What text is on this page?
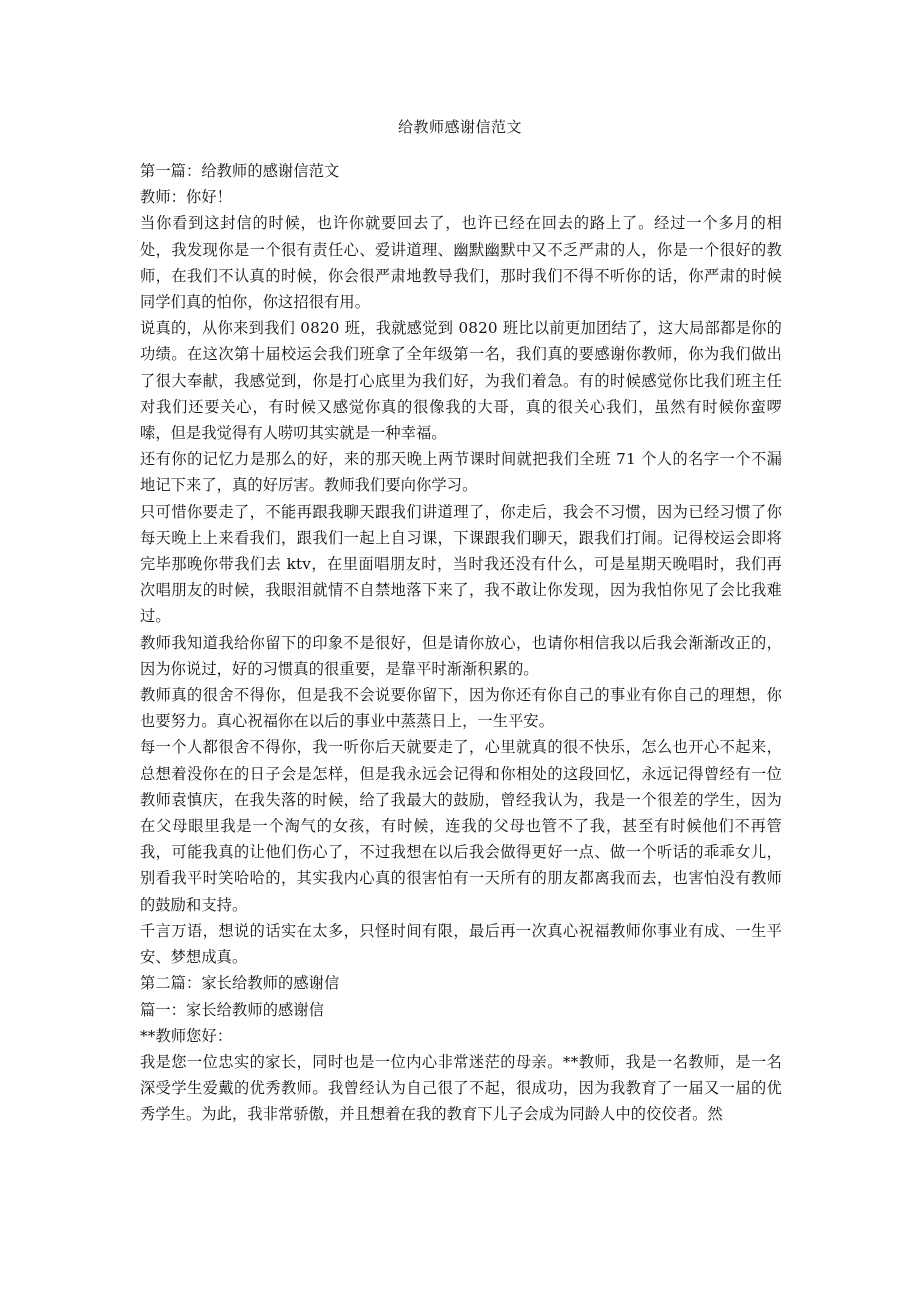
给教师感谢信范文

第一篇：给教师的感谢信范文

教师：你好！

当你看到这封信的时候，也许你就要回去了，也许已经在回去的路上了。经过一个多月的相处，我发现你是一个很有责任心、爱讲道理、幽默幽默中又不乏严肃的人，你是一个很好的教师，在我们不认真的时候，你会很严肃地教导我们，那时我们不得不听你的话，你严肃的时候同学们真的怕你，你这招很有用。

说真的，从你来到我们 0820 班，我就感觉到 0820 班比以前更加团结了，这大局部都是你的功绩。在这次第十届校运会我们班拿了全年级第一名，我们真的要感谢你教师，你为我们做出了很大奉献，我感觉到，你是打心底里为我们好，为我们着急。有的时候感觉你比我们班主任对我们还要关心，有时候又感觉你真的很像我的大哥，真的很关心我们，虽然有时候你蛮啰嗦，但是我觉得有人唠叨其实就是一种幸福。

还有你的记忆力是那么的好，来的那天晚上两节课时间就把我们全班 71 个人的名字一个不漏地记下来了，真的好厉害。教师我们要向你学习。

只可惜你要走了，不能再跟我聊天跟我们讲道理了，你走后，我会不习惯，因为已经习惯了你每天晚上上来看我们，跟我们一起上自习课，下课跟我们聊天，跟我们打闹。记得校运会即将完毕那晚你带我们去 ktv，在里面唱朋友时，当时我还没有什么，可是星期天晚唱时，我们再次唱朋友的时候，我眼泪就情不自禁地落下来了，我不敢让你发现，因为我怕你见了会比我难过。

教师我知道我给你留下的印象不是很好，但是请你放心，也请你相信我以后我会渐渐改正的，因为你说过，好的习惯真的很重要，是靠平时渐渐积累的。

教师真的很舍不得你，但是我不会说要你留下，因为你还有你自己的事业有你自己的理想，你也要努力。真心祝福你在以后的事业中蒸蒸日上，一生平安。

每一个人都很舍不得你，我一听你后天就要走了，心里就真的很不快乐，怎么也开心不起来，总想着没你在的日子会是怎样，但是我永远会记得和你相处的这段回忆，永远记得曾经有一位教师袁慎庆，在我失落的时候，给了我最大的鼓励，曾经我认为，我是一个很差的学生，因为在父母眼里我是一个淘气的女孩，有时候，连我的父母也管不了我，甚至有时候他们不再管我，可能我真的让他们伤心了，不过我想在以后我会做得更好一点、做一个听话的乖乖女儿，别看我平时笑哈哈的，其实我内心真的很害怕有一天所有的朋友都离我而去，也害怕没有教师的鼓励和支持。

千言万语，想说的话实在太多，只怪时间有限，最后再一次真心祝福教师你事业有成、一生平安、梦想成真。

第二篇：家长给教师的感谢信

篇一：家长给教师的感谢信

**教师您好：

我是您一位忠实的家长，同时也是一位内心非常迷茫的母亲。**教师，我是一名教师，是一名深受学生爱戴的优秀教师。我曾经认为自己很了不起，很成功，因为我教育了一届又一届的优秀学生。为此，我非常骄傲，并且想着在我的教育下儿子会成为同龄人中的佼佼者。然
